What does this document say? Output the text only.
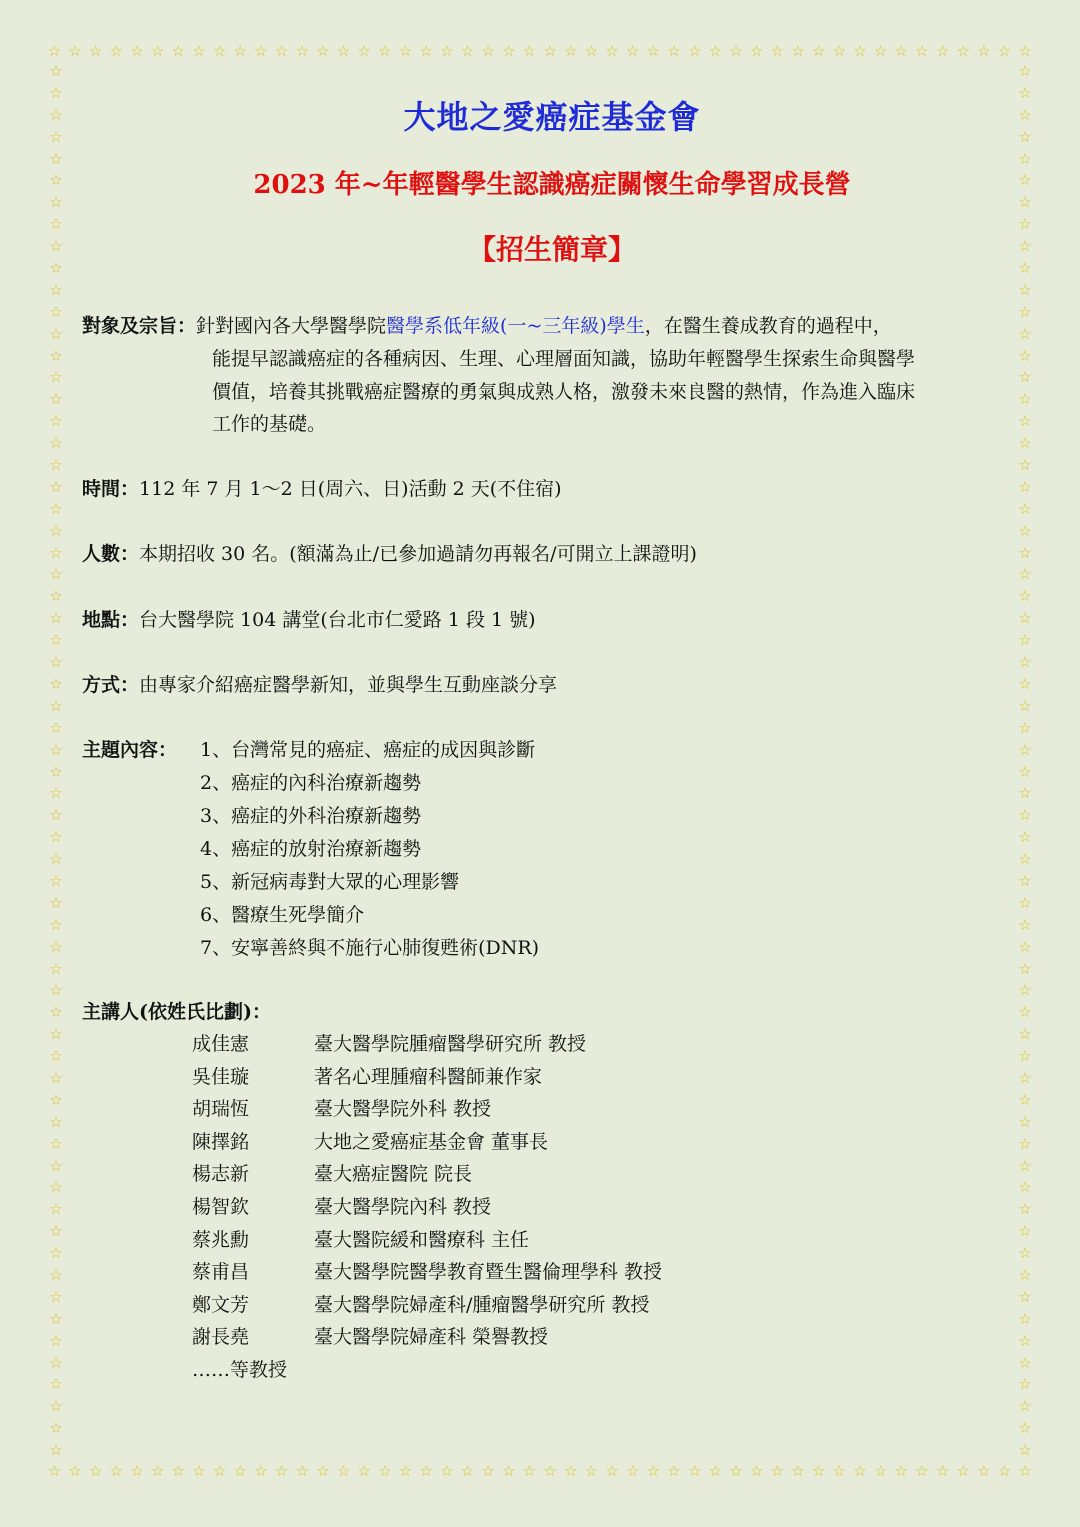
☆ ☆ ☆ ☆ ☆ ☆ ☆ ☆ ☆ ☆ ☆ ☆ ☆ ☆ ☆ ☆ ☆ ☆ ☆ ☆ ☆ ☆ ☆ ☆ ☆ ☆ ☆ ☆ ☆ ☆ ☆ ☆ ☆ ☆ ☆ ☆ ☆ ☆ ☆ ☆ ☆ ☆ ☆ ☆ ☆ ☆ ☆ ☆
☆ ☆ ☆ ☆ ☆ ☆ ☆ ☆ ☆ ☆ ☆ ☆ ☆ ☆ ☆ ☆ ☆ ☆ ☆ ☆ ☆ ☆ ☆ ☆ ☆ ☆ ☆ ☆ ☆ ☆ ☆ ☆ ☆ ☆ ☆ ☆ ☆ ☆ ☆ ☆ ☆ ☆ ☆ ☆ ☆ ☆ ☆ ☆
☆
☆
☆
☆
☆
☆
☆
☆
☆
☆
☆
☆
☆
☆
☆
☆
☆
☆
☆
☆
☆
☆
☆
☆
☆
☆
☆
☆
☆
☆
☆
☆
☆
☆
☆
☆
☆
☆
☆
☆
☆
☆
☆
☆
☆
☆
☆
☆
☆
☆
☆
☆
☆
☆
☆
☆
☆
☆
☆
☆
☆
☆
☆
☆
☆
☆
☆
☆
☆
☆
☆
☆
☆
☆
☆
☆
☆
☆
☆
☆
☆
☆
☆
☆
☆
☆
☆
☆
☆
☆
☆
☆
☆
☆
☆
☆
☆
☆
☆
☆
☆
☆
☆
☆
☆
☆
☆
☆
☆
☆
☆
☆
☆
☆
☆
☆
☆
☆
☆
☆
☆
☆
☆
☆
☆
☆
☆
☆
大地之愛癌症基金會
2023 年~年輕醫學生認識癌症關懷生命學習成長營
【招生簡章】
對象及宗旨：針對國內各大學醫學院醫學系低年級(一~三年級)學生，在醫生養成教育的過程中，
能提早認識癌症的各種病因、生理、心理層面知識，協助年輕醫學生探索生命與醫學
價值，培養其挑戰癌症醫療的勇氣與成熟人格，激發未來良醫的熱情，作為進入臨床
工作的基礎。
時間：112 年 7 月 1～2 日(周六、日)活動 2 天(不住宿)
人數：本期招收 30 名。(額滿為止/已參加過請勿再報名/可開立上課證明)
地點：台大醫學院 104 講堂(台北市仁愛路 1 段 1 號)
方式：由專家介紹癌症醫學新知，並與學生互動座談分享
主題內容： 1、台灣常見的癌症、癌症的成因與診斷
2、癌症的內科治療新趨勢
3、癌症的外科治療新趨勢
4、癌症的放射治療新趨勢
5、新冠病毒對大眾的心理影響
6、醫療生死學簡介
7、安寧善終與不施行心肺復甦術(DNR)
主講人(依姓氏比劃)：
成佳憲	臺大醫學院腫瘤醫學研究所 教授
吳佳璇	著名心理腫瘤科醫師兼作家
胡瑞恆	臺大醫學院外科 教授
陳擇銘	大地之愛癌症基金會 董事長
楊志新	臺大癌症醫院 院長
楊智欽	臺大醫學院內科 教授
蔡兆勳	臺大醫院緩和醫療科 主任
蔡甫昌	臺大醫學院醫學教育暨生醫倫理學科 教授
鄭文芳	臺大醫學院婦產科/腫瘤醫學研究所 教授
謝長堯	臺大醫學院婦產科 榮譽教授
……等教授
